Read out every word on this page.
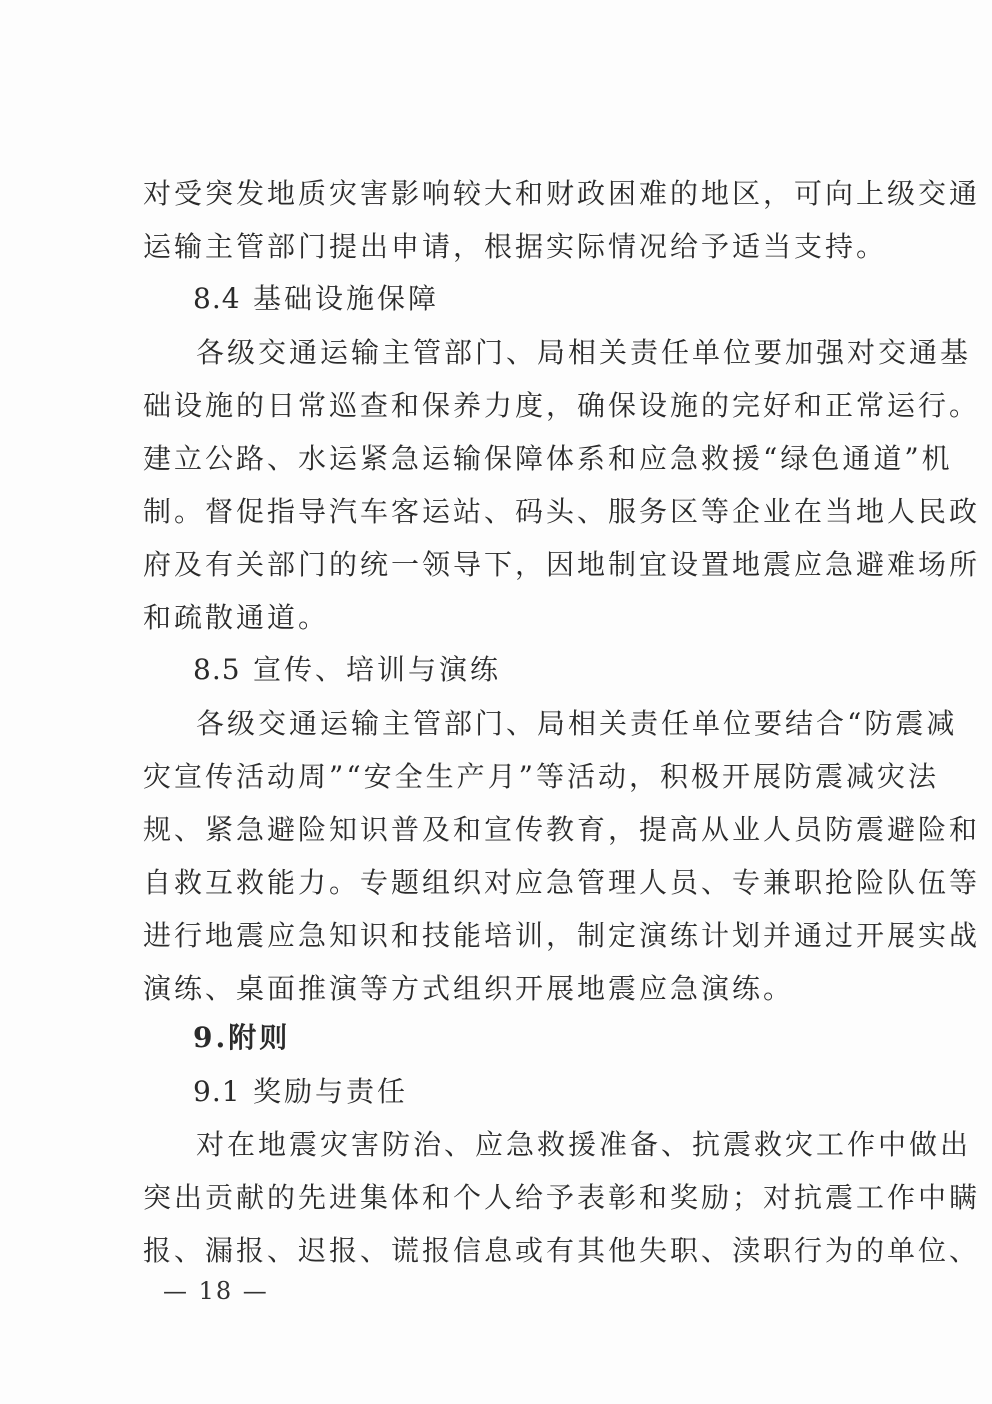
对受突发地质灾害影响较大和财政困难的地区，可向上级交通
运输主管部门提出申请，根据实际情况给予适当支持。
8.4 基础设施保障
各级交通运输主管部门、局相关责任单位要加强对交通基
础设施的日常巡查和保养力度，确保设施的完好和正常运行。
建立公路、水运紧急运输保障体系和应急救援“绿色通道”机
制。督促指导汽车客运站、码头、服务区等企业在当地人民政
府及有关部门的统一领导下，因地制宜设置地震应急避难场所
和疏散通道。
8.5 宣传、培训与演练
各级交通运输主管部门、局相关责任单位要结合“防震减
灾宣传活动周”“安全生产月”等活动，积极开展防震减灾法
规、紧急避险知识普及和宣传教育，提高从业人员防震避险和
自救互救能力。专题组织对应急管理人员、专兼职抢险队伍等
进行地震应急知识和技能培训，制定演练计划并通过开展实战
演练、桌面推演等方式组织开展地震应急演练。
9.附则
9.1 奖励与责任
对在地震灾害防治、应急救援准备、抗震救灾工作中做出
突出贡献的先进集体和个人给予表彰和奖励；对抗震工作中瞒
报、漏报、迟报、谎报信息或有其他失职、渎职行为的单位、
— 18 —
